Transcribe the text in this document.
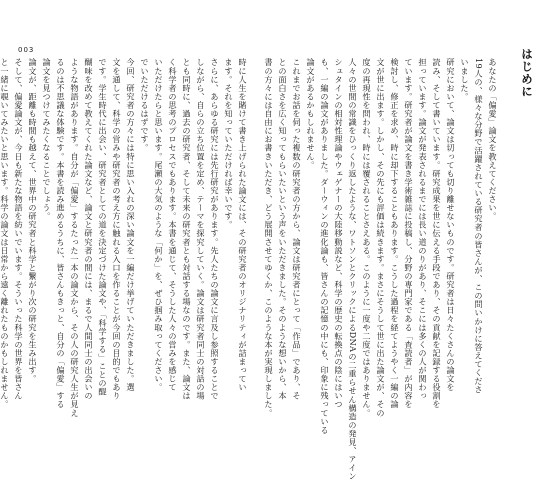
003	はじめに
あなたの「偏愛」論文を教えてください。
19人の、様々な分野で活躍されている研究者の皆さんが、この問いかけに答えてくださ
いました。
研究において、論文は切っても切り離せないものです。研究者は日々たくさんの論文を
読み、そして書いています。研究成果を世に伝える手段であり、その貢献を記録する役割を
担っています。論文が発表されるまでには長い道のりがあり、そこには多くの人が関わっ
ています。研究者が論文を書き学術雑誌に投稿し、分野の専門家である「査読者」が内容を
検討し、修正を求め、時に却下することもあります。こうした過程を経てようやく一編の論
文が世に出ます。しかし、その先にも評価は続きます。まさにそうして世に出た論文が、その
度の再現性を問われ、時には覆されることさえある。このように一度や二度ではありません。
人々の世間の常識をひっくり返したような、ワトソンとクリックによるDNAの二重らせん構造の発見、アイン
シュタインの相対性理論やウェゲナーの大陸移動説など、科学の歴史の転換点の陰にはいつ
も、一編の論文がありました。ダーウィンの進化論も、皆さんの記憶の中にも、印象に残っている
論文があるかもしれません。
これまでお話を伺った複数の研究者の方から、論文は研究者にとって「作品」であり、そ
との面白さを広く知ってもらいたいという声をいただきました。そのような想いから、本
書の方々には自由にお書きいただき、どう展開させてゆくか、このような本が実現しました。
時に人生を賭けて書き上げられた論文には、その研究者のオリジナリティが詰まってい
ます。それを知っていただければ幸いです。
さらに、あらゆる研究には先行研究があります。先人たちの論文に言及し参照することで
しながら、自らの立ち位置を定め、テーマを探究していく。論文は研究者同士の対話の場
とも同時に、過去の研究者、そして未来の研究者とも対話する場なのです。また、論文は
く科学者の思考のプロセスでもあります。本書を通じて、そうした人々の営みを感じて
いただけたらと思います。尾瀬の大気のような「何か」を、ぜひ掴み取ってください。
でいただけるはずです。
今回、研究者の方々には特に思い入れの深い論文を一編だけ挙げていただきました。選
文を通して、科学の営みや研究者の考え方に触れる入口を作ることが今回の目的でもあり
です。学生時代に出会い、研究者としての道を決定づけた論文や、「科学する」ことの醍
醐味を改めて教えてくれた論文など、論文と研究者の間には、まるで人間同士の出会いの
ような物語があります。自分が「偏愛」するたった一本の論文から、その人の研究人生が見え
るのは不思議な体験です。本書を読み進めるうちに、皆さんもきっと、自分の「偏愛」する
論文を見つけてみたくなることでしょう。
論文が、距離も時間も越えて、世界中の研究者と科学と繋がり次の研究を生み出す。
そして、偏愛論文が、今日も新たな物語を紡いでいます。そういった科学の世界を皆さん
と一緒に覗いてみたいと思います。科学の論文は日常から遠く離れたものかもしれません。
